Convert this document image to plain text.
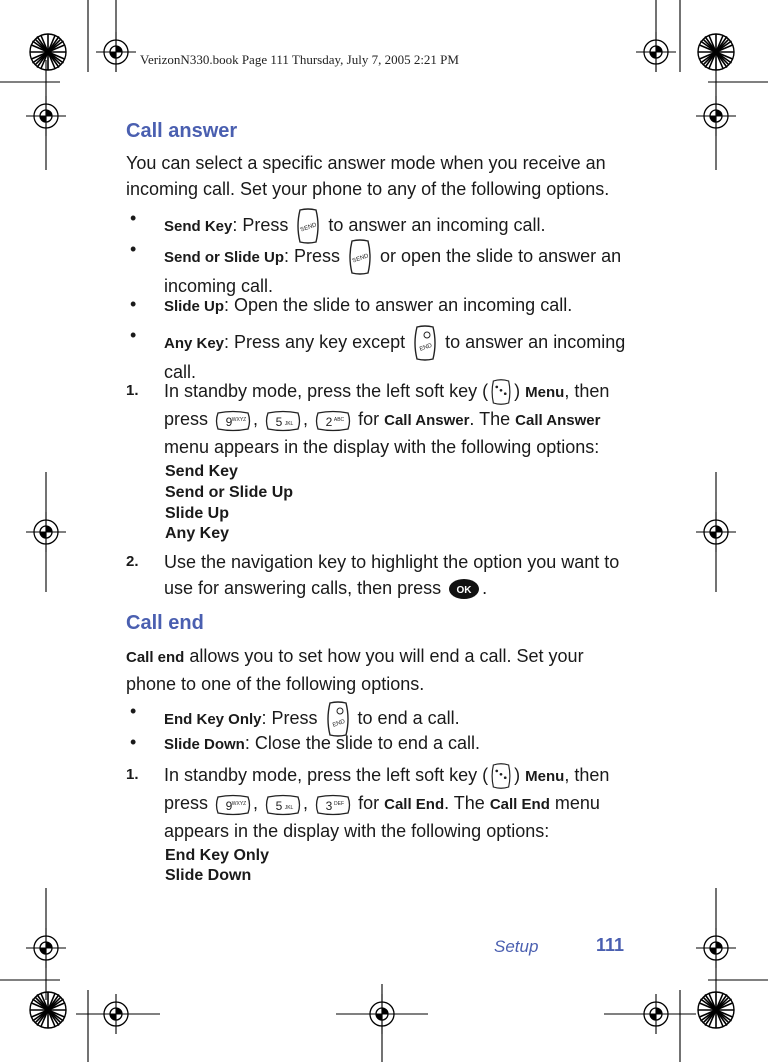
VerizonN330.book Page 111 Thursday, July 7, 2005 2:21 PM
Call answer
You can select a specific answer mode when you receive an incoming call. Set your phone to any of the following options.
• Send Key: Press
to answer an incoming call.
• Send or Slide Up: Press
or open the slide to answer an incoming call.
• Slide Up: Open the slide to answer an incoming call.
• Any Key: Press any key except
to answer an incoming call.
1. In standby mode, press the left soft key ( ) Menu, then press 9 WXYZ , 5 JKL , 2 ABC for Call Answer. The Call Answer menu appears in the display with the following options:
Send Key
Send or Slide Up
Slide Up
Any Key
2. Use the navigation key to highlight the option you want to use for answering calls, then press .
Call end
Call end allows you to set how you will end a call. Set your phone to one of the following options.
• End Key Only: Press
to end a call.
• Slide Down: Close the slide to end a call.
1. In standby mode, press the left soft key ( ) Menu, then press 9 WXYZ , 5 JKL , 3 DEF for Call End. The Call End menu appears in the display with the following options:
End Key Only
Slide Down
Setup	111
